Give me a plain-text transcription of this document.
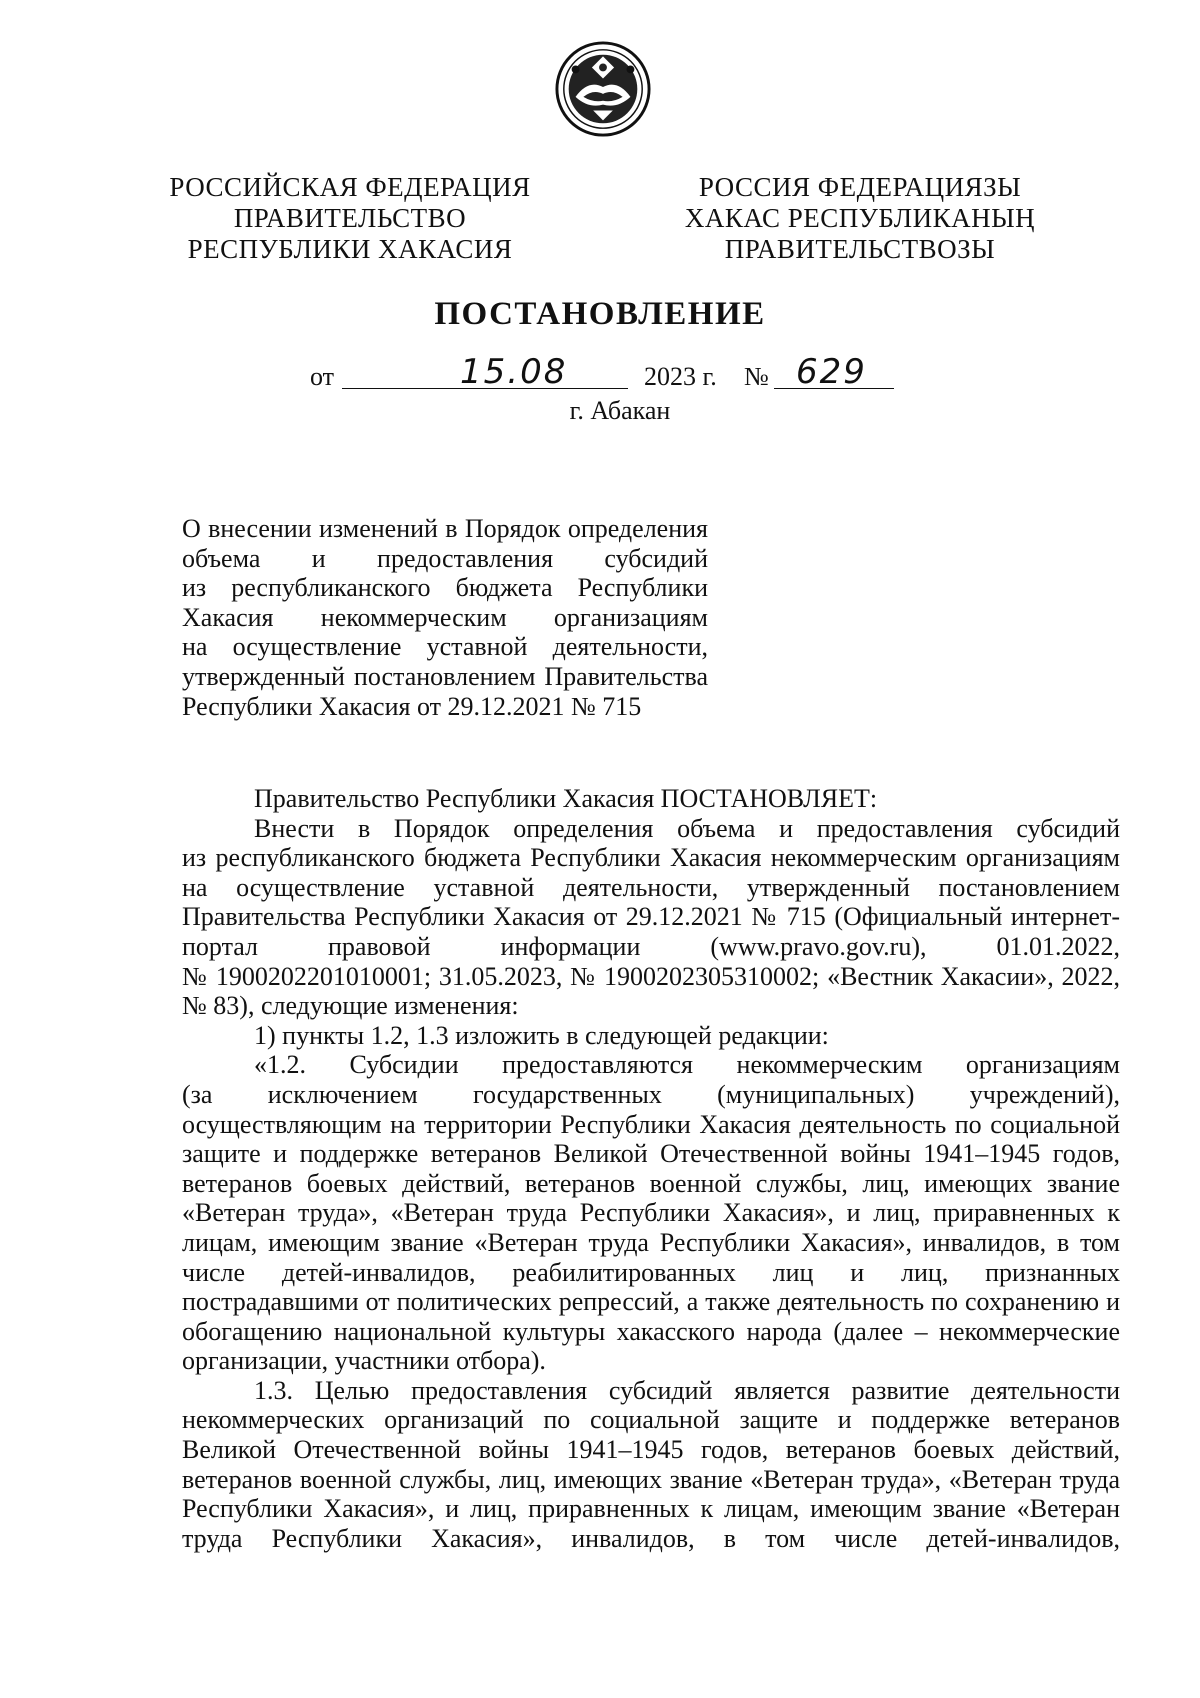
РОССИЙСКАЯ ФЕДЕРАЦИЯ
ПРАВИТЕЛЬСТВО
РЕСПУБЛИКИ ХАКАСИЯ
РОССИЯ ФЕДЕРАЦИЯЗЫ
ХАКАС РЕСПУБЛИКАНЫҢ
ПРАВИТЕЛЬСТВОЗЫ
ПОСТАНОВЛЕНИЕ
от	15.08	2023 г. № 629
г. Абакан
О внесении изменений в Порядок определения
объема и предоставления субсидий
из республиканского бюджета Республики
Хакасия некоммерческим организациям
на осуществление уставной деятельности,
утвержденный постановлением Правительства
Республики Хакасия от 29.12.2021 № 715
Правительство Республики Хакасия ПОСТАНОВЛЯЕТ:
Внести в Порядок определения объема и предоставления субсидий
из республиканского бюджета Республики Хакасия некоммерческим организациям
на осуществление уставной деятельности, утвержденный постановлением
Правительства Республики Хакасия от 29.12.2021 № 715 (Официальный интернет-
портал правовой информации (www.pravo.gov.ru), 01.01.2022,
№ 1900202201010001; 31.05.2023, № 1900202305310002; «Вестник Хакасии», 2022,
№ 83), следующие изменения:
1) пункты 1.2, 1.3 изложить в следующей редакции:
«1.2. Субсидии предоставляются некоммерческим организациям
(за исключением государственных (муниципальных) учреждений),
осуществляющим на территории Республики Хакасия деятельность по социальной
защите и поддержке ветеранов Великой Отечественной войны 1941–1945 годов,
ветеранов боевых действий, ветеранов военной службы, лиц, имеющих звание
«Ветеран труда», «Ветеран труда Республики Хакасия», и лиц, приравненных к
лицам, имеющим звание «Ветеран труда Республики Хакасия», инвалидов, в том
числе детей-инвалидов, реабилитированных лиц и лиц, признанных
пострадавшими от политических репрессий, а также деятельность по сохранению и
обогащению национальной культуры хакасского народа (далее – некоммерческие
организации, участники отбора).
1.3. Целью предоставления субсидий является развитие деятельности
некоммерческих организаций по социальной защите и поддержке ветеранов
Великой Отечественной войны 1941–1945 годов, ветеранов боевых действий,
ветеранов военной службы, лиц, имеющих звание «Ветеран труда», «Ветеран труда
Республики Хакасия», и лиц, приравненных к лицам, имеющим звание «Ветеран
труда Республики Хакасия», инвалидов, в том числе детей-инвалидов,
